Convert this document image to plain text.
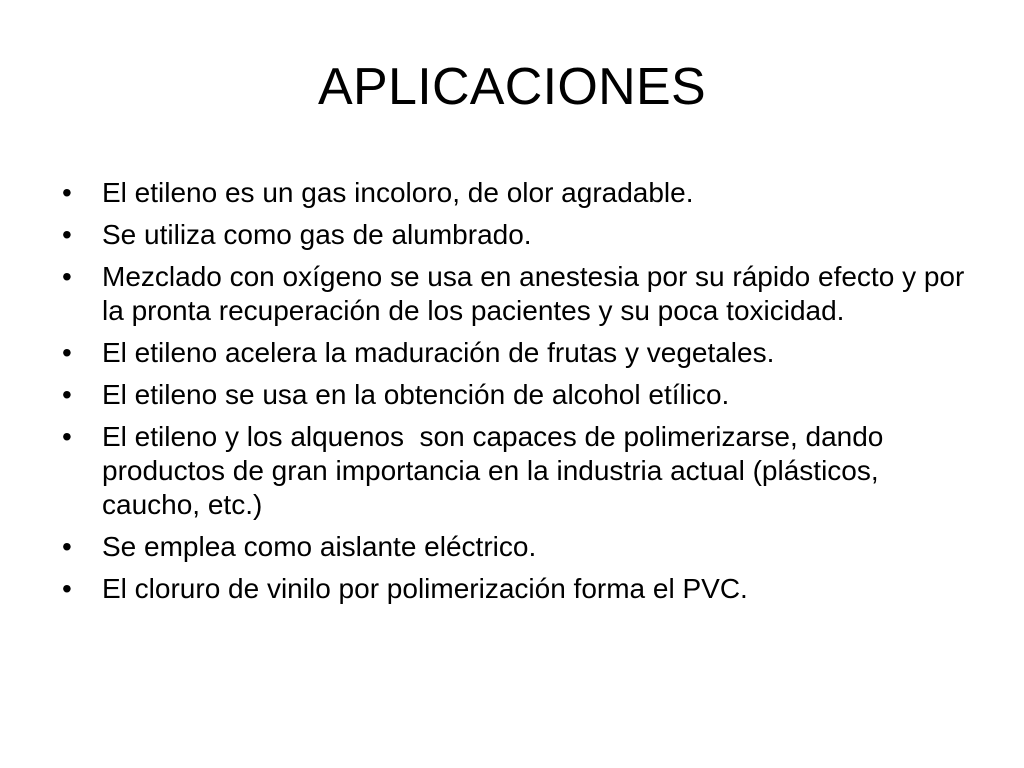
APLICACIONES
•	El etileno es un gas incoloro, de olor agradable.
•	Se utiliza como gas de alumbrado.
•	Mezclado con oxígeno se usa en anestesia por su rápido efecto y por la pronta recuperación de los pacientes y su poca toxicidad.
•	El etileno acelera la maduración de frutas y vegetales.
•	El etileno se usa en la obtención de alcohol etílico.
•	El etileno y los alquenos  son capaces de polimerizarse, dando productos de gran importancia en la industria actual (plásticos, caucho, etc.)
•	Se emplea como aislante eléctrico.
•	El cloruro de vinilo por polimerización forma el PVC.
